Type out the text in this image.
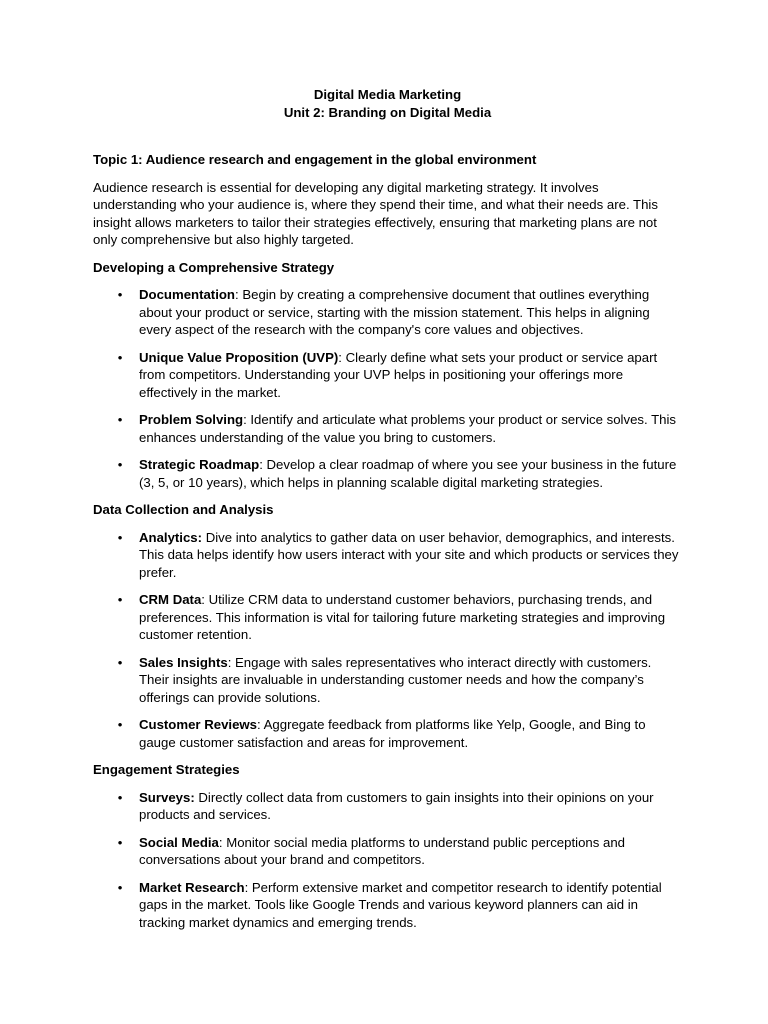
Digital Media Marketing
Unit 2: Branding on Digital Media
Topic 1: Audience research and engagement in the global environment

Audience research is essential for developing any digital marketing strategy. It involves understanding who your audience is, where they spend their time, and what their needs are. This insight allows marketers to tailor their strategies effectively, ensuring that marketing plans are not only comprehensive but also highly targeted.

Developing a Comprehensive Strategy
• Documentation: Begin by creating a comprehensive document that outlines everything about your product or service, starting with the mission statement. This helps in aligning every aspect of the research with the company's core values and objectives.
• Unique Value Proposition (UVP): Clearly define what sets your product or service apart from competitors. Understanding your UVP helps in positioning your offerings more effectively in the market.
• Problem Solving: Identify and articulate what problems your product or service solves. This enhances understanding of the value you bring to customers.
• Strategic Roadmap: Develop a clear roadmap of where you see your business in the future (3, 5, or 10 years), which helps in planning scalable digital marketing strategies.
Data Collection and Analysis
• Analytics: Dive into analytics to gather data on user behavior, demographics, and interests. This data helps identify how users interact with your site and which products or services they prefer.
• CRM Data: Utilize CRM data to understand customer behaviors, purchasing trends, and preferences. This information is vital for tailoring future marketing strategies and improving customer retention.
• Sales Insights: Engage with sales representatives who interact directly with customers. Their insights are invaluable in understanding customer needs and how the company’s offerings can provide solutions.
• Customer Reviews: Aggregate feedback from platforms like Yelp, Google, and Bing to gauge customer satisfaction and areas for improvement.
Engagement Strategies
• Surveys: Directly collect data from customers to gain insights into their opinions on your products and services.
• Social Media: Monitor social media platforms to understand public perceptions and conversations about your brand and competitors.
• Market Research: Perform extensive market and competitor research to identify potential gaps in the market. Tools like Google Trends and various keyword planners can aid in tracking market dynamics and emerging trends.
